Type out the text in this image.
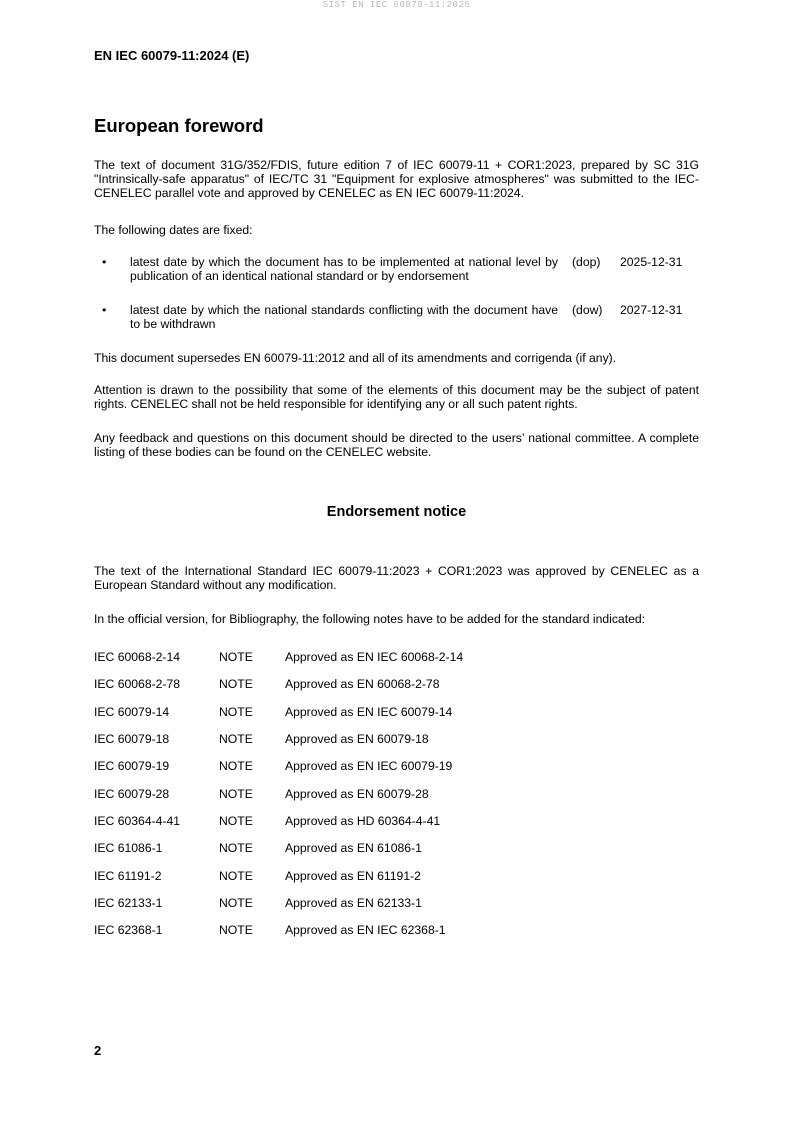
SIST EN IEC 60079-11:2025
EN IEC 60079-11:2024 (E)
European foreword
The text of document 31G/352/FDIS, future edition 7 of IEC 60079-11 + COR1:2023, prepared by SC 31G "Intrinsically-safe apparatus" of IEC/TC 31 "Equipment for explosive atmospheres" was submitted to the IEC-CENELEC parallel vote and approved by CENELEC as EN IEC 60079-11:2024.
The following dates are fixed:
• latest date by which the document has to be implemented at national level by publication of an identical national standard or by endorsement
(dop) 2025-12-31
• latest date by which the national standards conflicting with the document have to be withdrawn
(dow) 2027-12-31
This document supersedes EN 60079-11:2012 and all of its amendments and corrigenda (if any).
Attention is drawn to the possibility that some of the elements of this document may be the subject of patent rights. CENELEC shall not be held responsible for identifying any or all such patent rights.
Any feedback and questions on this document should be directed to the users’ national committee. A complete listing of these bodies can be found on the CENELEC website.
Endorsement notice
The text of the International Standard IEC 60079-11:2023 + COR1:2023 was approved by CENELEC as a European Standard without any modification.
In the official version, for Bibliography, the following notes have to be added for the standard indicated:
IEC 60068-2-14	NOTE	Approved as EN IEC 60068-2-14
IEC 60068-2-78	NOTE	Approved as EN 60068-2-78
IEC 60079-14	NOTE	Approved as EN IEC 60079-14
IEC 60079-18	NOTE	Approved as EN 60079-18
IEC 60079-19	NOTE	Approved as EN IEC 60079-19
IEC 60079-28	NOTE	Approved as EN 60079-28
IEC 60364-4-41	NOTE	Approved as HD 60364-4-41
IEC 61086-1	NOTE	Approved as EN 61086-1
IEC 61191-2	NOTE	Approved as EN 61191-2
IEC 62133-1	NOTE	Approved as EN 62133-1
IEC 62368-1	NOTE	Approved as EN IEC 62368-1
2
